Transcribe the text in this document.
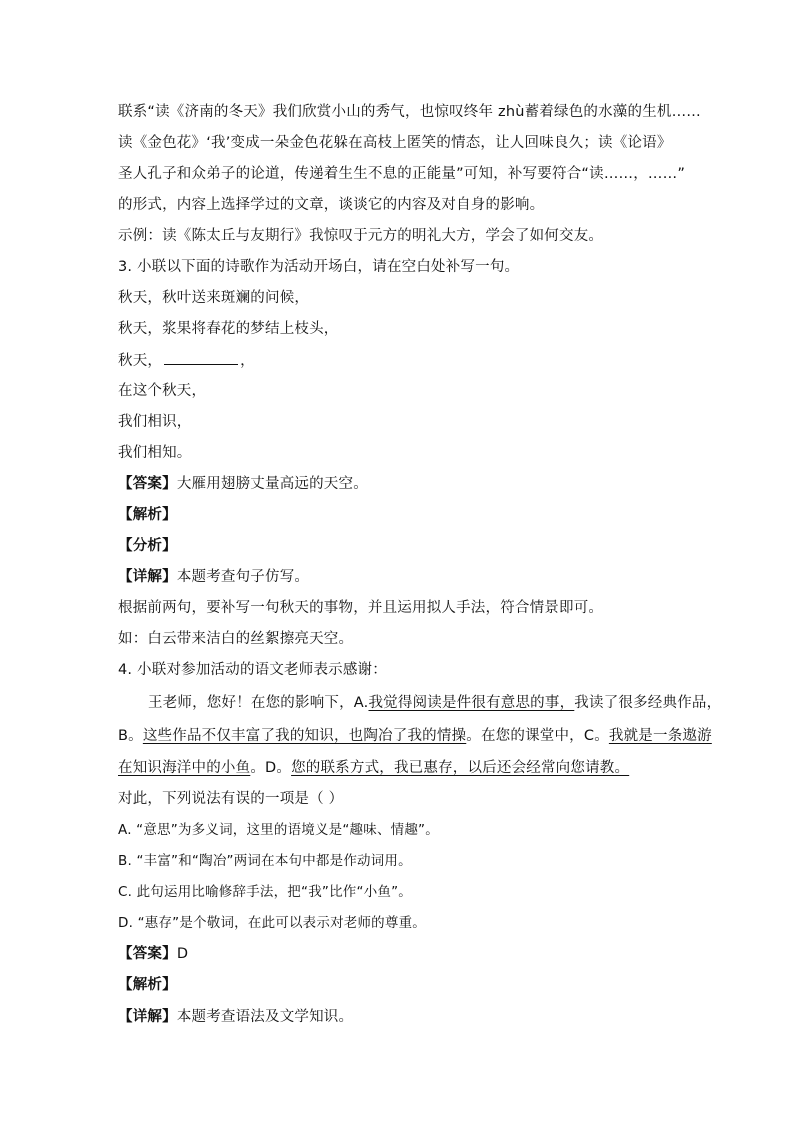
联系“读《济南的冬天》我们欣赏小山的秀气，也惊叹终年 zhù蓄着绿色的水藻的生机……
读《金色花》‘我’变成一朵金色花躲在高枝上匿笑的情态，让人回味良久；读《论语》
圣人孔子和众弟子的论道，传递着生生不息的正能量”可知，补写要符合“读……，……”
的形式，内容上选择学过的文章，谈谈它的内容及对自身的影响。
示例：读《陈太丘与友期行》我惊叹于元方的明礼大方，学会了如何交友。
3. 小联以下面的诗歌作为活动开场白，请在空白处补写一句。
秋天，秋叶送来斑斓的问候，
秋天，浆果将春花的梦结上枝头，
秋天，	，
在这个秋天，
我们相识，
我们相知。
【答案】大雁用翅膀丈量高远的天空。
【解析】
【分析】
【详解】本题考查句子仿写。
根据前两句，要补写一句秋天的事物，并且运用拟人手法，符合情景即可。
如：白云带来洁白的丝絮擦亮天空。
4. 小联对参加活动的语文老师表示感谢：
王老师，您好！在您的影响下，A.我觉得阅读是件很有意思的事，我读了很多经典作品，
B。这些作品不仅丰富了我的知识，也陶冶了我的情操。在您的课堂中，C。我就是一条遨游
在知识海洋中的小鱼。D。您的联系方式，我已惠存，以后还会经常向您请教。
对此，下列说法有误的一项是（ ）
A. “意思”为多义词，这里的语境义是“趣味、情趣”。
B. “丰富”和“陶冶”两词在本句中都是作动词用。
C. 此句运用比喻修辞手法，把“我”比作“小鱼”。
D. “惠存”是个敬词，在此可以表示对老师的尊重。
【答案】D
【解析】
【详解】本题考查语法及文学知识。
